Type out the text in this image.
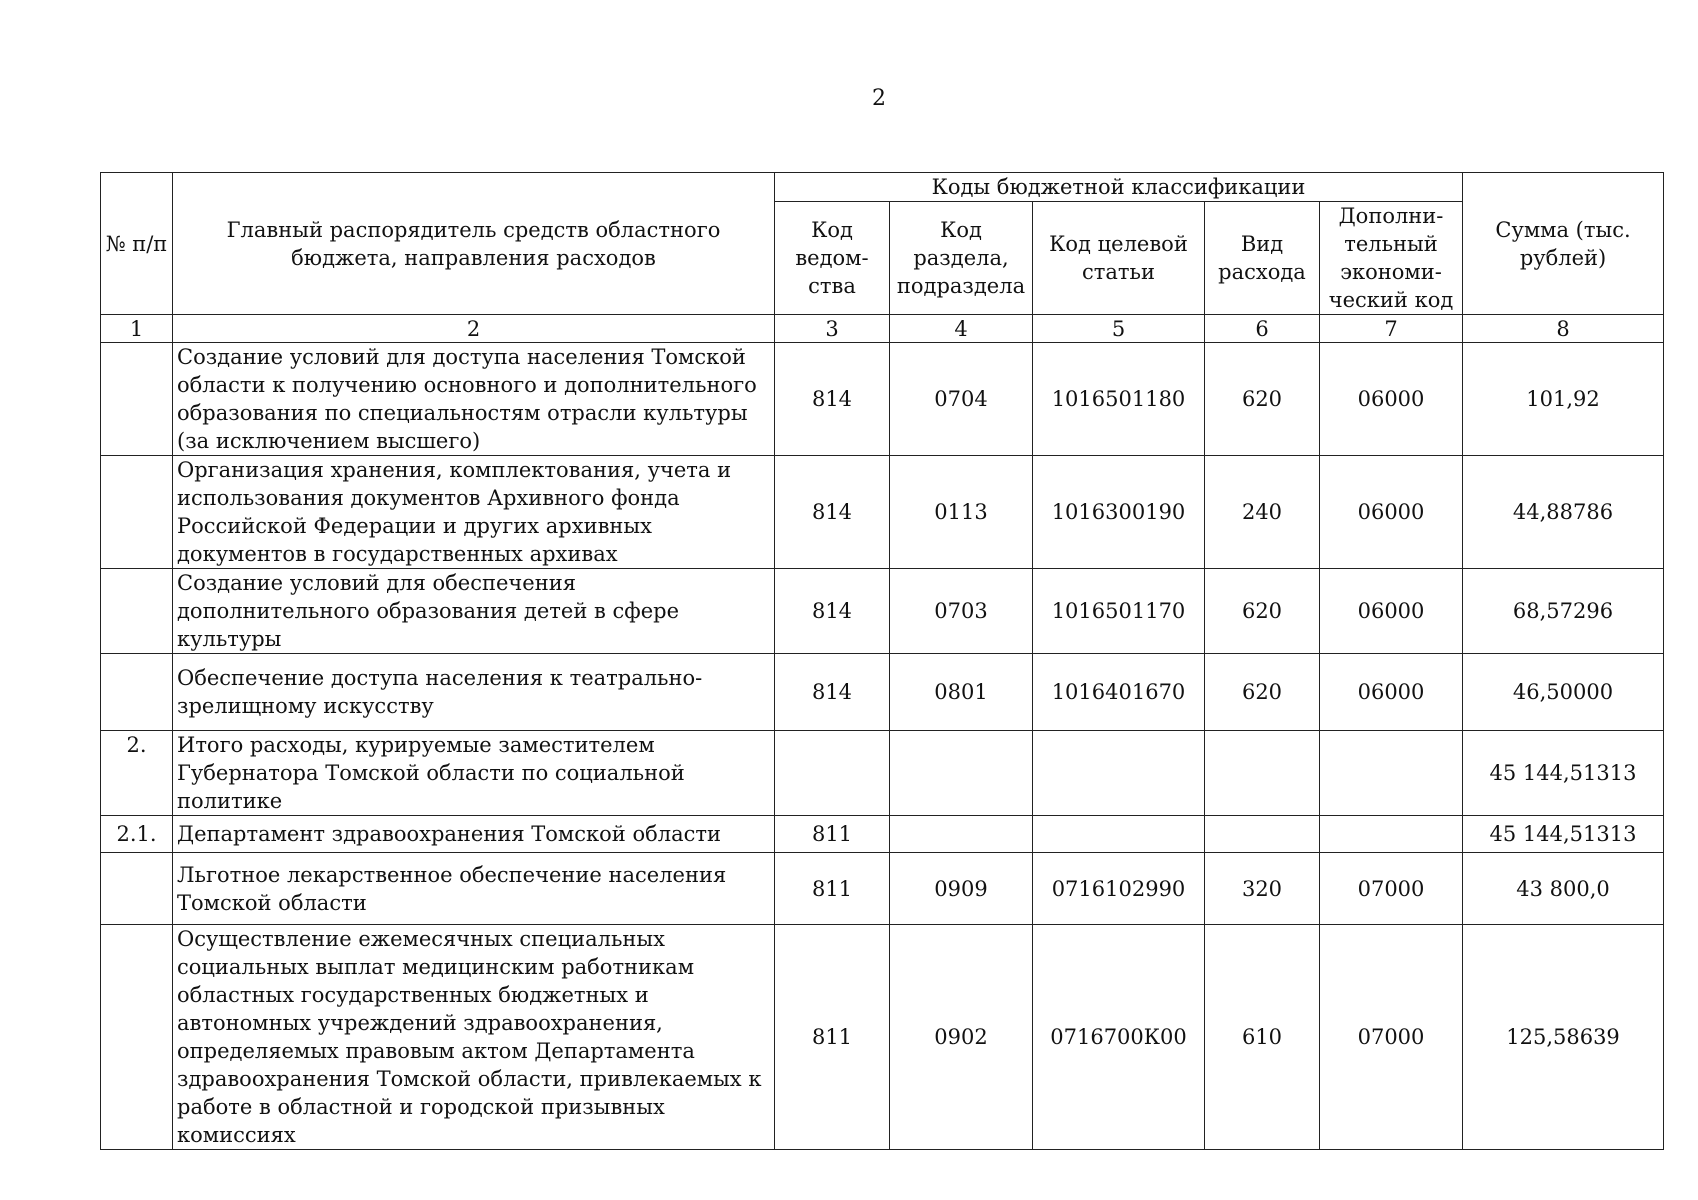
2
№ п/п	Главный распорядитель средств областного бюджета, направления расходов	Коды бюджетной классификации					Сумма (тыс. рублей)
		Код ведом-ства	Код раздела, подраздела	Код целевой статьи	Вид расхода	Дополни-тельный экономи-ческий код	
1	2	3	4	5	6	7	8
	Создание условий для доступа населения Томской области к получению основного и дополнительного образования по специальностям отрасли культуры (за исключением высшего)	814	0704	1016501180	620	06000	101,92
	Организация хранения, комплектования, учета и использования документов Архивного фонда Российской Федерации и других архивных документов в государственных архивах	814	0113	1016300190	240	06000	44,88786
	Создание условий для обеспечения дополнительного образования детей в сфере культуры	814	0703	1016501170	620	06000	68,57296
	Обеспечение доступа населения к театрально-зрелищному искусству	814	0801	1016401670	620	06000	46,50000
2.	Итого расходы, курируемые заместителем Губернатора Томской области по социальной политике						45 144,51313
2.1.	Департамент здравоохранения Томской области	811					45 144,51313
	Льготное лекарственное обеспечение населения Томской области	811	0909	0716102990	320	07000	43 800,0
	Осуществление ежемесячных специальных социальных выплат медицинским работникам областных государственных бюджетных и автономных учреждений здравоохранения, определяемых правовым актом Департамента здравоохранения Томской области, привлекаемых к работе в областной и городской призывных комиссиях	811	0902	0716700К00	610	07000	125,58639
